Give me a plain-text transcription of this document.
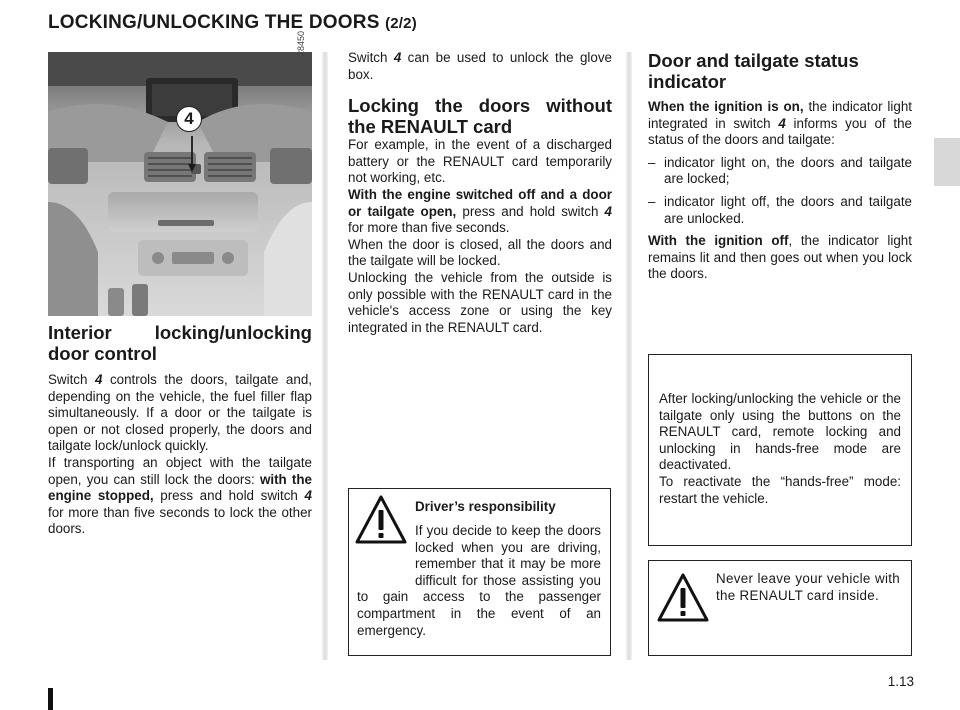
LOCKING/UNLOCKING THE DOORS (2/2)
4
28450
Interior locking/unlocking door control

Switch 4 controls the doors, tailgate and, depending on the vehicle, the fuel filler flap simultaneously. If a door or the tailgate is open or not closed properly, the doors and tailgate lock/unlock quickly.

If transporting an object with the tailgate open, you can still lock the doors: with the engine stopped, press and hold switch 4 for more than five seconds to lock the other doors.

Switch 4 can be used to unlock the glove box.

Locking the doors without the RENAULT card

For example, in the event of a discharged battery or the RENAULT card temporarily not working, etc.

With the engine switched off and a door or tailgate open, press and hold switch 4 for more than five seconds.

When the door is closed, all the doors and the tailgate will be locked.

Unlocking the vehicle from the outside is only possible with the RENAULT card in the vehicle's access zone or using the key integrated in the RENAULT card.

Driver’s responsibility
If you decide to keep the doors locked when you are driving, remember that it may be more difficult for those assisting you to gain access to the passenger compartment in the event of an emergency.
Door and tailgate status indicator

When the ignition is on, the indicator light integrated in switch 4 informs you of the status of the doors and tailgate:

– indicator light on, the doors and tailgate are locked;
– indicator light off, the doors and tailgate are unlocked.

With the ignition off, the indicator light remains lit and then goes out when you lock the doors.

After locking/unlocking the vehicle or the tailgate only using the buttons on the RENAULT card, remote locking and unlocking in hands-free mode are deactivated.

To reactivate the “hands-free” mode: restart the vehicle.

Never leave your vehicle with the RENAULT card inside.
1.13
